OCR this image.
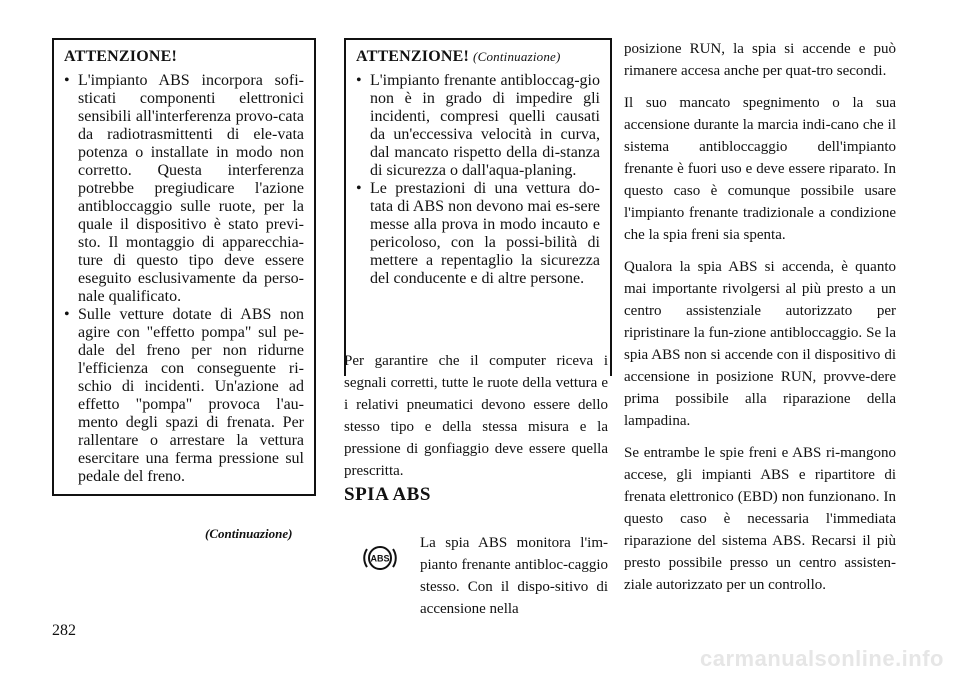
ATTENZIONE!
• L'impianto ABS incorpora sofi-sticati componenti elettronici sensibili all'interferenza provo-cata da radiotrasmittenti di ele-vata potenza o installate in modo non corretto. Questa interferenza potrebbe pregiudicare l'azione antibloccaggio sulle ruote, per la quale il dispositivo è stato previ-sto. Il montaggio di apparecchia-ture di questo tipo deve essere eseguito esclusivamente da perso-nale qualificato.
• Sulle vetture dotate di ABS non agire con "effetto pompa" sul pe-dale del freno per non ridurne l'efficienza con conseguente ri-schio di incidenti. Un'azione ad effetto "pompa" provoca l'au-mento degli spazi di frenata. Per rallentare o arrestare la vettura esercitare una ferma pressione sul pedale del freno.
(Continuazione)
ATTENZIONE! (Continuazione)
• L'impianto frenante antibloccag-gio non è in grado di impedire gli incidenti, compresi quelli causati da un'eccessiva velocità in curva, dal mancato rispetto della di-stanza di sicurezza o dall'aqua-planing.
• Le prestazioni di una vettura do-tata di ABS non devono mai es-sere messe alla prova in modo incauto e pericoloso, con la possi-bilità di mettere a repentaglio la sicurezza del conducente e di altre persone.

Per garantire che il computer riceva i segnali corretti, tutte le ruote della vettura e i relativi pneumatici devono essere dello stesso tipo e della stessa misura e la pressione di gonfiaggio deve essere quella prescritta.

SPIA ABS
ABS
La spia ABS monitora l'im-pianto frenante antibloc-caggio stesso. Con il dispo-sitivo di accensione nella

posizione RUN, la spia si accende e può rimanere accesa anche per quat-tro secondi.

Il suo mancato spegnimento o la sua accensione durante la marcia indi-cano che il sistema antibloccaggio dell'impianto frenante è fuori uso e deve essere riparato. In questo caso è comunque possibile usare l'impianto frenante tradizionale a condizione che la spia freni sia spenta.

Qualora la spia ABS si accenda, è quanto mai importante rivolgersi al più presto a un centro assistenziale autorizzato per ripristinare la fun-zione antibloccaggio. Se la spia ABS non si accende con il dispositivo di accensione in posizione RUN, provve-dere prima possibile alla riparazione della lampadina.

Se entrambe le spie freni e ABS ri-mangono accese, gli impianti ABS e ripartitore di frenata elettronico (EBD) non funzionano. In questo caso è necessaria l'immediata riparazione del sistema ABS. Recarsi il più presto possibile presso un centro assisten-ziale autorizzato per un controllo.

282
carmanualsonline.info
